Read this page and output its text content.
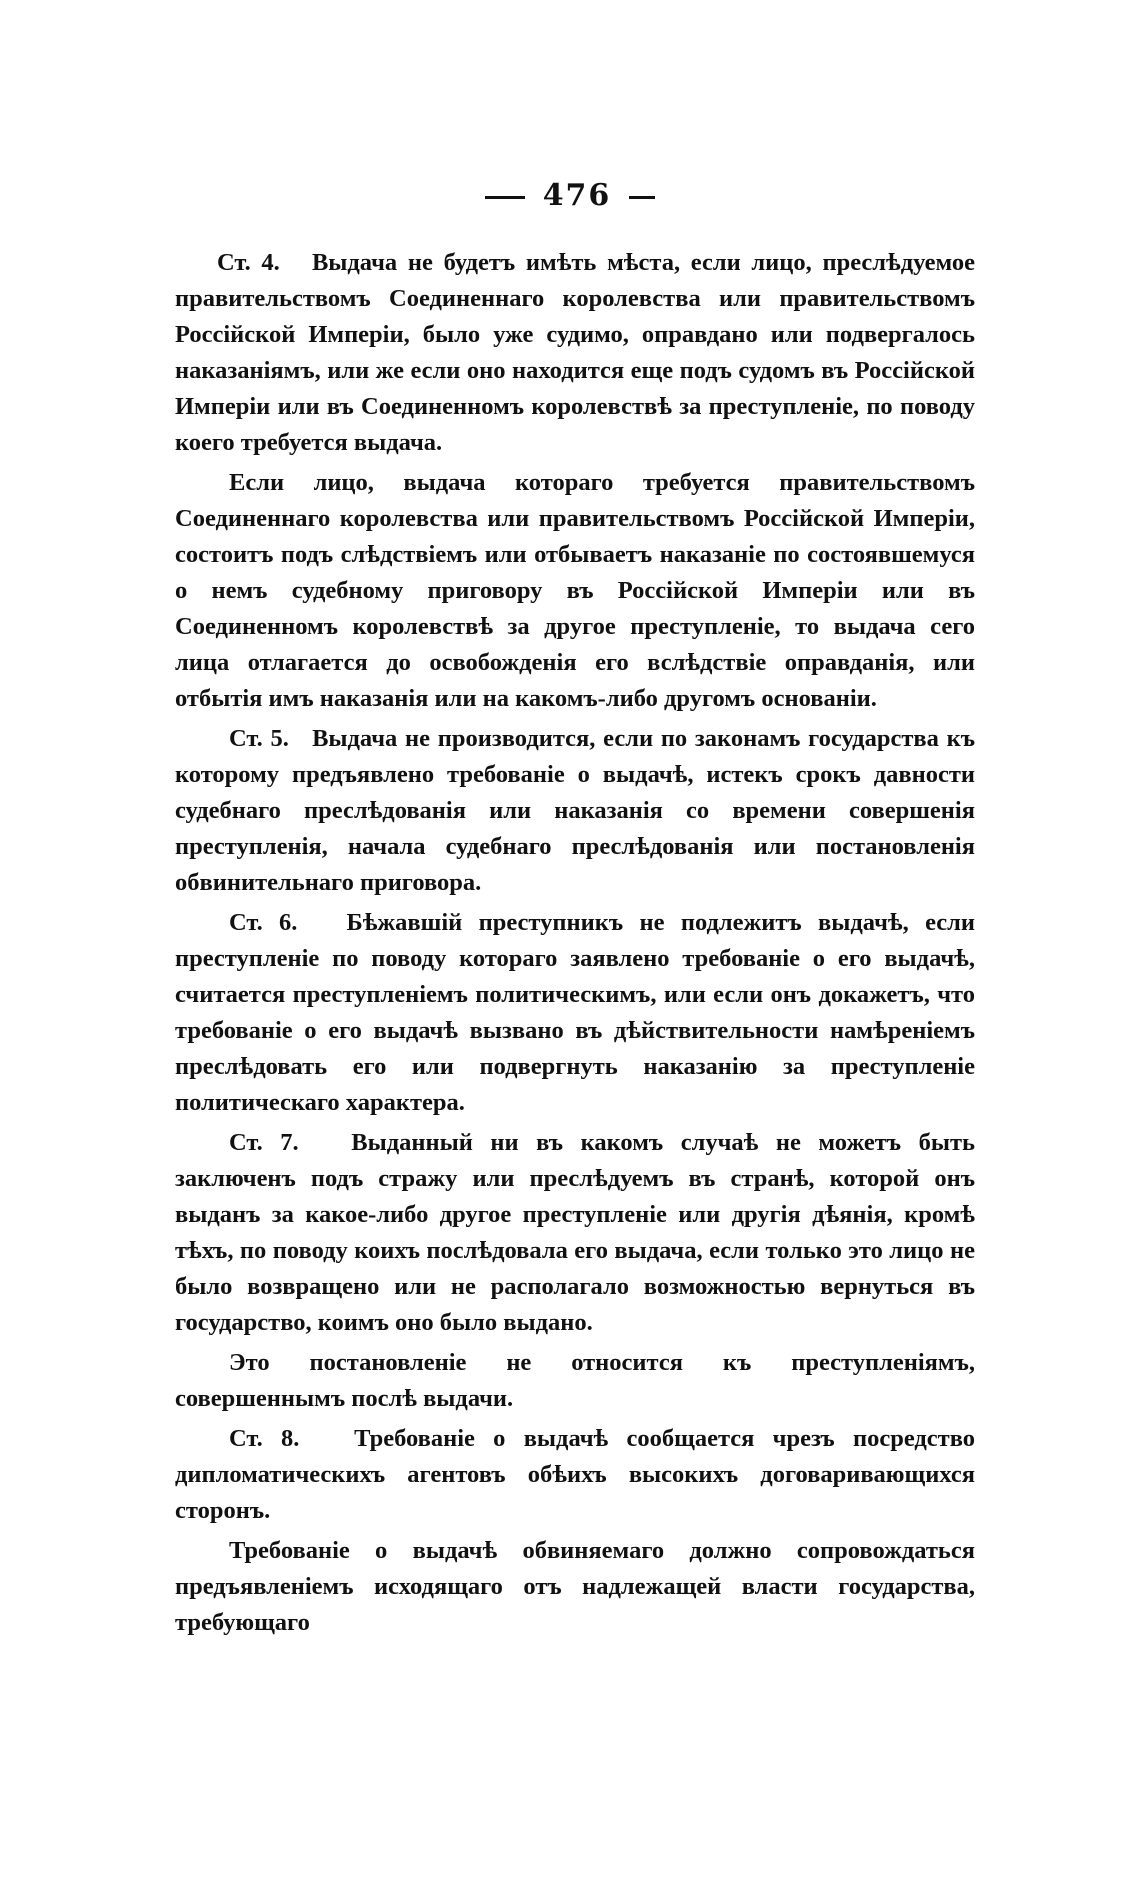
476

Ст. 4. Выдача не будетъ имѣть мѣста, если лицо, преслѣдуемое правительствомъ Соединеннаго королевства или правительствомъ Россійской Имперіи, было уже судимо, оправдано или подвергалось наказаніямъ, или же если оно находится еще подъ судомъ въ Россійской Имперіи или въ Соединенномъ королевствѣ за преступленіе, по поводу коего требуется выдача.

Если лицо, выдача котораго требуется правительствомъ Соединеннаго королевства или правительствомъ Россійской Имперіи, состоитъ подъ слѣдствіемъ или отбываетъ наказаніе по состоявшемуся о немъ судебному приговору въ Россійской Имперіи или въ Соединенномъ королевствѣ за другое преступленіе, то выдача сего лица отлагается до освобожденія его вслѣдствіе оправданія, или отбытія имъ наказанія или на какомъ-либо другомъ основаніи.

Ст. 5. Выдача не производится, если по законамъ государства къ которому предъявлено требованіе о выдачѣ, истекъ срокъ давности судебнаго преслѣдованія или наказанія со времени совершенія преступленія, начала судебнаго преслѣдованія или постановленія обвинительнаго приговора.

Ст. 6. Бѣжавшій преступникъ не подлежитъ выдачѣ, если преступленіе по поводу котораго заявлено требованіе о его выдачѣ, считается преступленіемъ политическимъ, или если онъ докажетъ, что требованіе о его выдачѣ вызвано въ дѣйствительности намѣреніемъ преслѣдовать его или подвергнуть наказанію за преступленіе политическаго характера.

Ст. 7. Выданный ни въ какомъ случаѣ не можетъ быть заключенъ подъ стражу или преслѣдуемъ въ странѣ, которой онъ выданъ за какое-либо другое преступленіе или другія дѣянія, кромѣ тѣхъ, по поводу коихъ послѣдовала его выдача, если только это лицо не было возвращено или не располагало возможностью вернуться въ государство, коимъ оно было выдано.

Это постановленіе не относится къ преступленіямъ, совершеннымъ послѣ выдачи.

Ст. 8. Требованіе о выдачѣ сообщается чрезъ посредство дипломатическихъ агентовъ обѣихъ высокихъ договаривающихся сторонъ.

Требованіе о выдачѣ обвиняемаго должно сопровождаться предъявленіемъ исходящаго отъ надлежащей власти государства, требующаго
